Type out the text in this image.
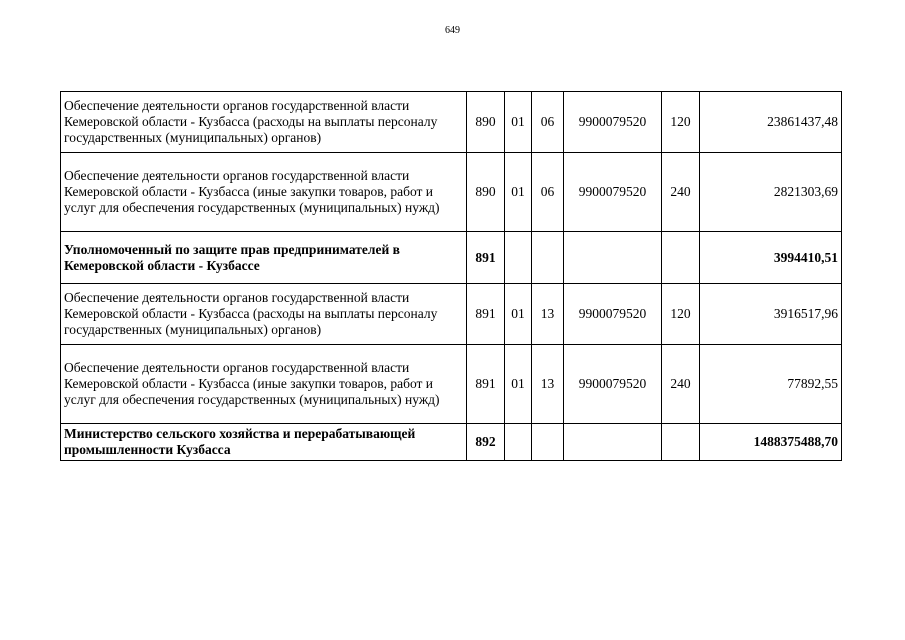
649
Обеспечение деятельности органов государственной власти Кемеровской области - Кузбасса (расходы на выплаты персоналу государственных (муниципальных) органов)	890	01	06	9900079520	120	23861437,48
Обеспечение деятельности органов государственной власти Кемеровской области - Кузбасса (иные закупки товаров, работ и услуг для обеспечения государственных (муниципальных) нужд)	890	01	06	9900079520	240	2821303,69
Уполномоченный по защите прав предпринимателей в Кемеровской области - Кузбассе	891					3994410,51
Обеспечение деятельности органов государственной власти Кемеровской области - Кузбасса (расходы на выплаты персоналу государственных (муниципальных) органов)	891	01	13	9900079520	120	3916517,96
Обеспечение деятельности органов государственной власти Кемеровской области - Кузбасса (иные закупки товаров, работ и услуг для обеспечения государственных (муниципальных) нужд)	891	01	13	9900079520	240	77892,55
Министерство сельского хозяйства и перерабатывающей промышленности Кузбасса	892					1488375488,70
